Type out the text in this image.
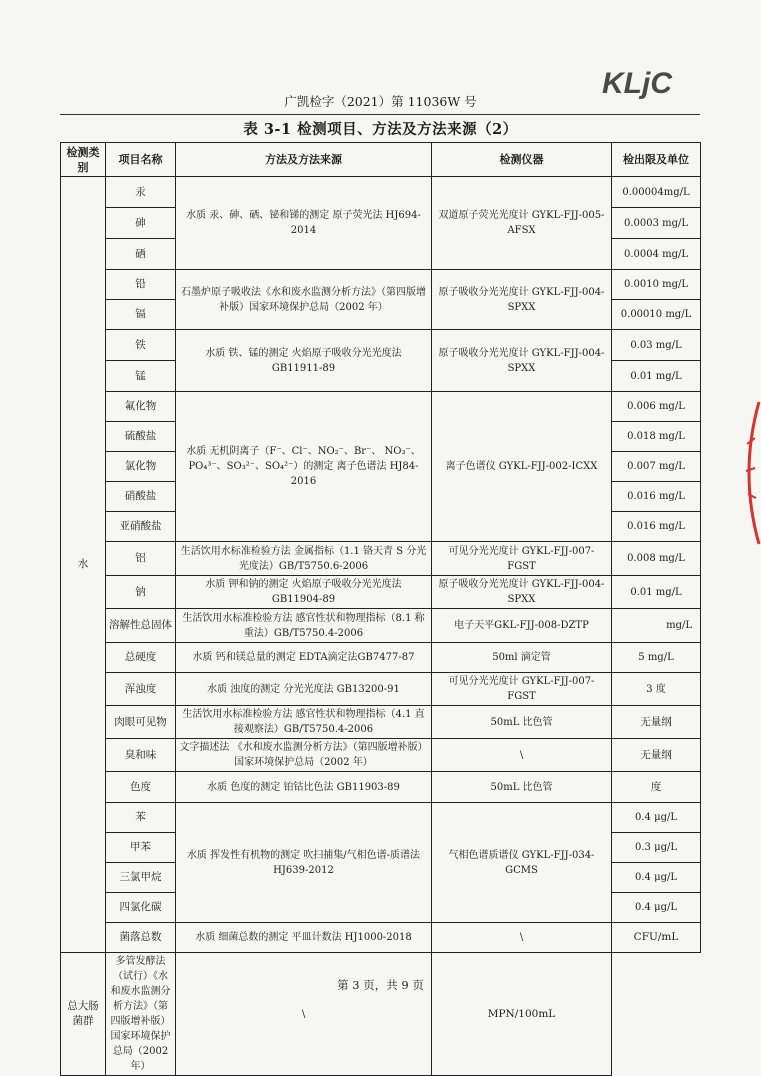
KLjC
广凯检字（2021）第 11036W 号
表 3-1 检测项目、方法及方法来源（2）
检测类别	项目名称	方法及方法来源	检测仪器	检出限及单位
水	汞	水质 汞、砷、硒、铋和锑的测定 原子荧光法 HJ694-2014	双道原子荧光光度计 GYKL-FJJ-005-AFSX	0.00004mg/L
	砷			0.0003 mg/L
	硒			0.0004 mg/L
	铅	石墨炉原子吸收法《水和废水监测分析方法》（第四版增补版）国家环境保护总局（2002 年）	原子吸收分光光度计 GYKL-FJJ-004-SPXX	0.0010 mg/L
	镉			0.00010 mg/L
	铁	水质 铁、锰的测定 火焰原子吸收分光光度法 GB11911-89	原子吸收分光光度计 GYKL-FJJ-004-SPXX	0.03 mg/L
	锰			0.01 mg/L
	氟化物	水质 无机阴离子（F⁻、Cl⁻、NO₂⁻、Br⁻、 NO₃⁻、PO₄³⁻、SO₃²⁻、SO₄²⁻）的测定 离子色谱法 HJ84-2016	离子色谱仪 GYKL-FJJ-002-ICXX	0.006 mg/L
	硫酸盐			0.018 mg/L
	氯化物			0.007 mg/L
	硝酸盐			0.016 mg/L
	亚硝酸盐			0.016 mg/L
	铝	生活饮用水标准检验方法 金属指标（1.1 铬天青 S 分光光度法）GB/T5750.6-2006	可见分光光度计 GYKL-FJJ-007-FGST	0.008 mg/L
	钠	水质 钾和钠的测定 火焰原子吸收分光光度法 GB11904-89	原子吸收分光光度计 GYKL-FJJ-004-SPXX	0.01 mg/L
	溶解性总固体	生活饮用水标准检验方法 感官性状和物理指标（8.1 称重法）GB/T5750.4-2006	电子天平GKL-FJJ-008-DZTP	mg/L
	总硬度	水质 钙和镁总量的测定 EDTA滴定法GB7477-87	50ml 滴定管	5 mg/L
	浑浊度	水质 浊度的测定 分光光度法 GB13200-91	可见分光光度计 GYKL-FJJ-007-FGST	3 度
	肉眼可见物	生活饮用水标准检验方法 感官性状和物理指标（4.1 直接观察法）GB/T5750.4-2006	50mL 比色管	无量纲
	臭和味	文字描述法 《水和废水监测分析方法》（第四版增补版）国家环境保护总局（2002 年）	\	无量纲
	色度	水质 色度的测定 铂钴比色法 GB11903-89	50mL 比色管	度
	苯	水质 挥发性有机物的测定 吹扫捕集/气相色谱-质谱法 HJ639-2012	气相色谱质谱仪 GYKL-FJJ-034-GCMS	0.4 μg/L
	甲苯			0.3 μg/L
	三氯甲烷			0.4 μg/L
	四氯化碳			0.4 μg/L
	菌落总数	水质 细菌总数的测定 平皿计数法 HJ1000-2018	\	CFU/mL
总大肠菌群	多管发酵法（试行）《水和废水监测分析方法》（第四版增补版）国家环境保护总局（2002 年）	\	MPN/100mL	
第 3 页，共 9 页
